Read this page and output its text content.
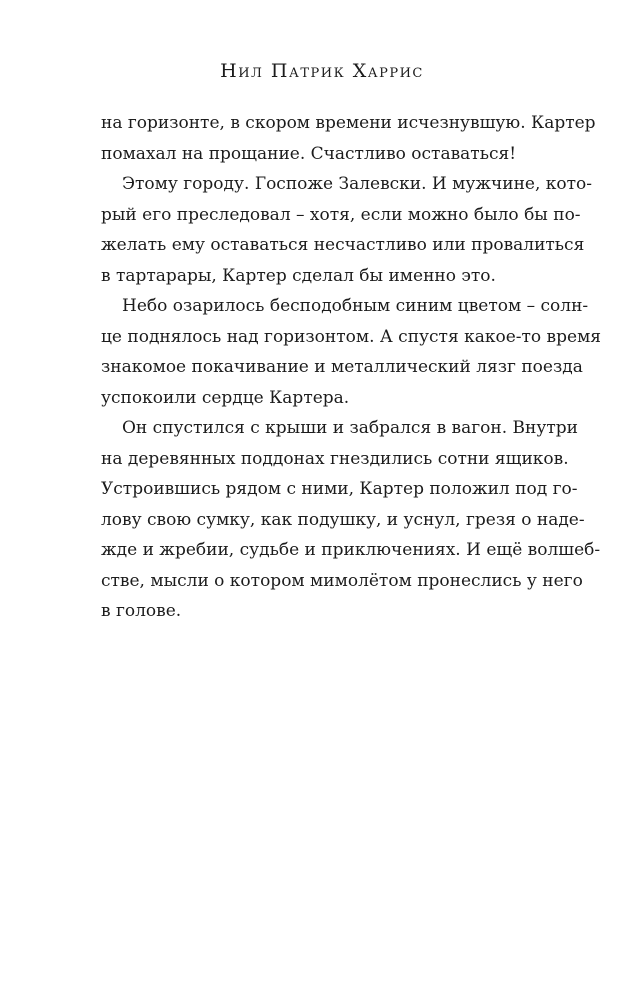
Нил Патрик Харрис
на горизонте, в скором времени исчезнувшую. Картер
помахал на прощание. Счастливо оставаться!
Этому городу. Госпоже Залевски. И мужчине, кото-
рый его преследовал – хотя, если можно было бы по-
желать ему оставаться несчастливо или провалиться
в тартарары, Картер сделал бы именно это.
Небо озарилось бесподобным синим цветом – солн-
це поднялось над горизонтом. А спустя какое-то время
знакомое покачивание и металлический лязг поезда
успокоили сердце Картера.
Он спустился с крыши и забрался в вагон. Внутри
на деревянных поддонах гнездились сотни ящиков.
Устроившись рядом с ними, Картер положил под го-
лову свою сумку, как подушку, и уснул, грезя о наде-
жде и жребии, судьбе и приключениях. И ещё волшеб-
стве, мысли о котором мимолётом пронеслись у него
в голове.
